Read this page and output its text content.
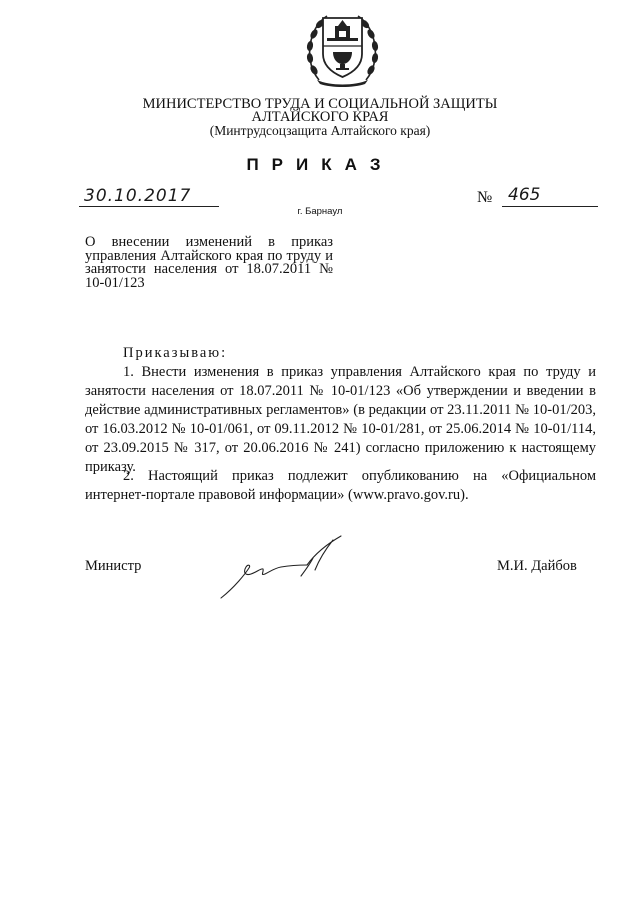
МИНИСТЕРСТВО ТРУДА И СОЦИАЛЬНОЙ ЗАЩИТЫ
АЛТАЙСКОГО КРАЯ
(Минтрудсоцзащита Алтайского края)
ПРИКАЗ
30.10.2017	№ 465
г. Барнаул
О внесении изменений в приказ управления Алтайского края по труду и занятости населения от 18.07.2011 № 10-01/123
Приказываю:
1. Внести изменения в приказ управления Алтайского края по труду и занятости населения от 18.07.2011 № 10-01/123 «Об утверждении и введении в действие административных регламентов» (в редакции от 23.11.2011 № 10-01/203, от 16.03.2012 № 10-01/061, от 09.11.2012 № 10-01/281, от 25.06.2014 № 10-01/114, от 23.09.2015 № 317, от 20.06.2016 № 241) согласно приложению к настоящему приказу.
2. Настоящий приказ подлежит опубликованию на «Официальном интернет-портале правовой информации» (www.pravo.gov.ru).
Министр	М.И. Дайбов
